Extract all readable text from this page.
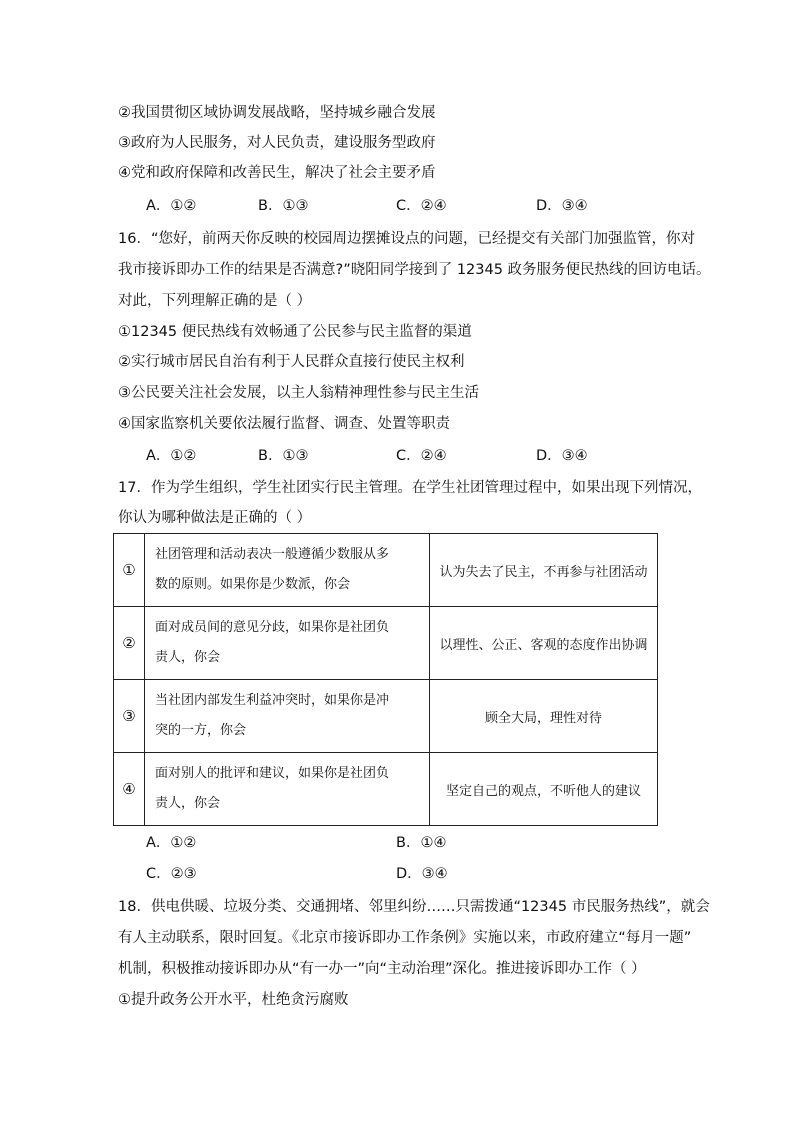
②我国贯彻区域协调发展战略，坚持城乡融合发展
③政府为人民服务，对人民负责，建设服务型政府
④党和政府保障和改善民生，解决了社会主要矛盾
A．①②	B．①③	C．②④	D．③④
16．“您好，前两天你反映的校园周边摆摊设点的问题，已经提交有关部门加强监管，你对
我市接诉即办工作的结果是否满意?”晓阳同学接到了 12345 政务服务便民热线的回访电话。
对此，下列理解正确的是（ ）
①12345 便民热线有效畅通了公民参与民主监督的渠道
②实行城市居民自治有利于人民群众直接行使民主权利
③公民要关注社会发展，以主人翁精神理性参与民主生活
④国家监察机关要依法履行监督、调查、处置等职责
A．①②	B．①③	C．②④	D．③④
17．作为学生组织，学生社团实行民主管理。在学生社团管理过程中，如果出现下列情况，
你认为哪种做法是正确的（ ）
①	社团管理和活动表决一般遵循少数服从多
数的原则。如果你是少数派，你会	认为失去了民主，不再参与社团活动
②	面对成员间的意见分歧，如果你是社团负
责人，你会	以理性、公正、客观的态度作出协调
③	当社团内部发生利益冲突时，如果你是冲
突的一方，你会	顾全大局，理性对待
④	面对别人的批评和建议，如果你是社团负
责人，你会	坚定自己的观点，不听他人的建议
A．①②	B．①④
C．②③	D．③④
18．供电供暖、垃圾分类、交通拥堵、邻里纠纷……只需拨通“12345 市民服务热线”，就会
有人主动联系，限时回复。《北京市接诉即办工作条例》实施以来，市政府建立“每月一题”
机制，积极推动接诉即办从“有一办一”向“主动治理”深化。推进接诉即办工作（ ）
①提升政务公开水平，杜绝贪污腐败
